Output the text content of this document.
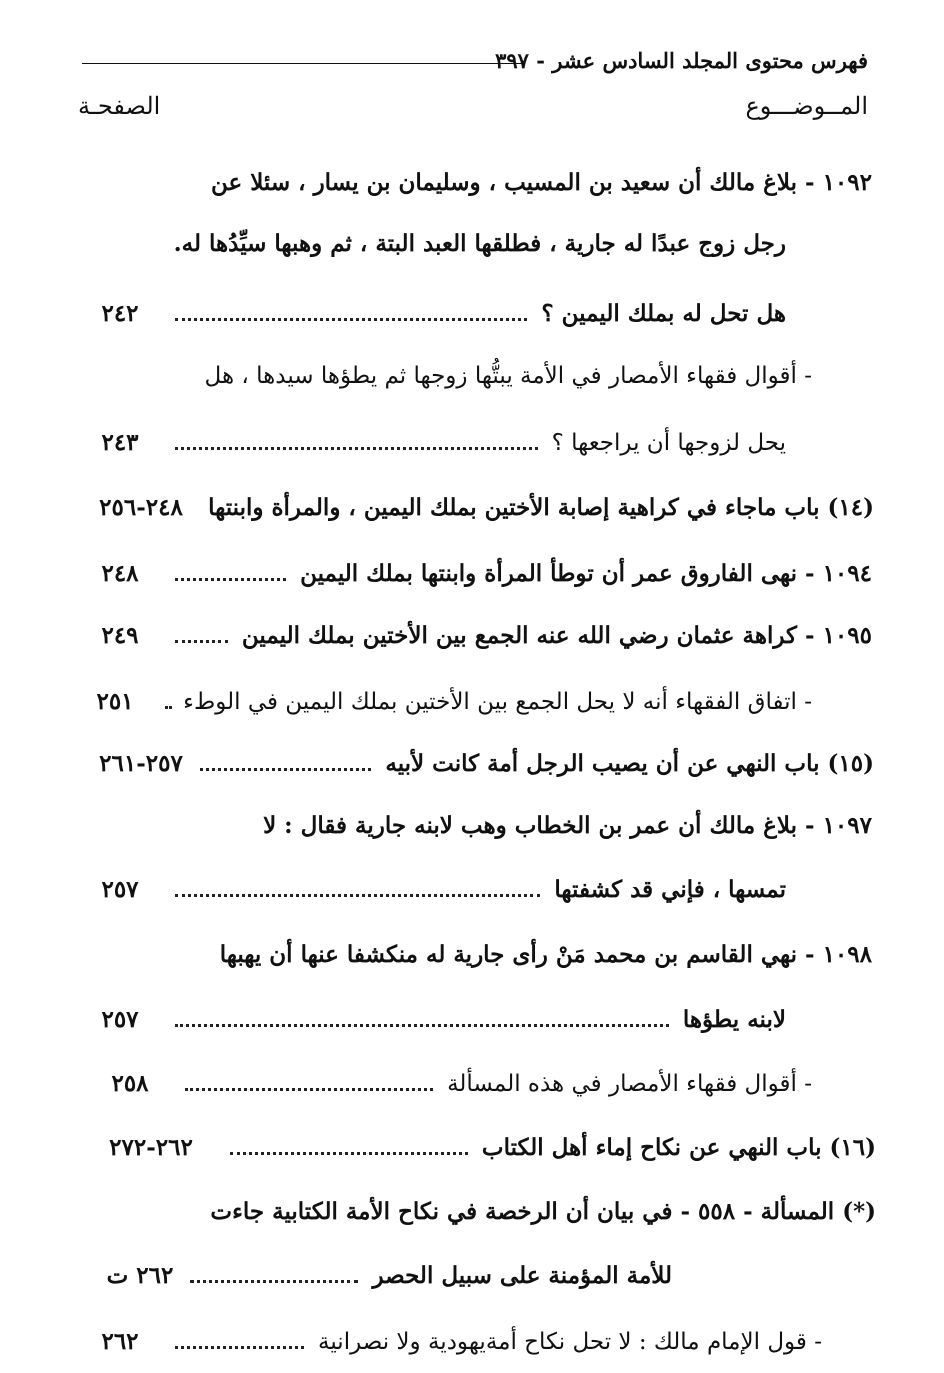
فهرس محتوى المجلد السادس عشر - ٣٩٧
المــوضـــوع
الصفحـة
١٠٩٢ - بلاغ مالك أن سعيد بن المسيب ، وسليمان بن يسار ، سئلا عن
رجل زوج عبدًا له جارية ، فطلقها العبد البتة ، ثم وهبها سيِّدُها له.
هل تحل له بملك اليمين ؟
٢٤٢
- أقوال فقهاء الأمصار في الأمة يبتُّها زوجها ثم يطؤها سيدها ، هل
يحل لزوجها أن يراجعها ؟
٢٤٣
(١٤) باب ماجاء في كراهية إصابة الأختين بملك اليمين ، والمرأة وابنتها
٢٤٨-٢٥٦
١٠٩٤ - نهى الفاروق عمر أن توطأ المرأة وابنتها بملك اليمين
٢٤٨
١٠٩٥ - كراهة عثمان رضي الله عنه الجمع بين الأختين بملك اليمين
٢٤٩
- اتفاق الفقهاء أنه لا يحل الجمع بين الأختين بملك اليمين في الوطء
٢٥١
(١٥) باب النهي عن أن يصيب الرجل أمة كانت لأبيه
٢٥٧-٢٦١
١٠٩٧ - بلاغ مالك أن عمر بن الخطاب وهب لابنه جارية فقال : لا
تمسها ، فإني قد كشفتها
٢٥٧
١٠٩٨ - نهي القاسم بن محمد مَنْ رأى جارية له منكشفا عنها أن يهبها
لابنه يطؤها
٢٥٧
- أقوال فقهاء الأمصار في هذه المسألة
٢٥٨
(١٦) باب النهي عن نكاح إماء أهل الكتاب
٢٦٢-٢٧٢
(*) المسألة - ٥٥٨ - في بيان أن الرخصة في نكاح الأمة الكتابية جاءت
للأمة المؤمنة على سبيل الحصر
٢٦٢ ت
- قول الإمام مالك : لا تحل نكاح أمةيهودية ولا نصرانية
٢٦٢
